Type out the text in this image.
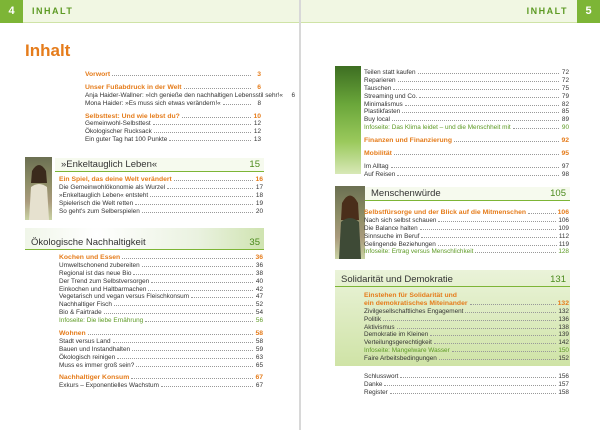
4	INHALT
Inhalt
Vorwort	3
Unser Fußabdruck in der Welt	6
Anja Haider-Wallner: »Ich genieße den nachhaltigen Lebensstil sehr!«	6
Mona Haider: »Es muss sich etwas verändern!«	8
Selbsttest: Und wie lebst du?	10
Gemeinwohl-Selbsttest	12
Ökologischer Rucksack	12
Ein guter Tag hat 100 Punkte	13
»Enkeltauglich Leben«	15
Ein Spiel, das deine Welt verändert	16
Die Gemeinwohlökonomie als Wurzel	17
»Enkeltauglich Leben« entsteht	18
Spielerisch die Welt retten	19
So geht's zum Selberspielen	20
Ökologische Nachhaltigkeit	35
Kochen und Essen	36
Umweltschonend zubereiten	36
Regional ist das neue Bio	38
Der Trend zum Selbstversorgen	40
Einkochen und Haltbarmachen	42
Vegetarisch und vegan versus Fleischkonsum	47
Nachhaltiger Fisch	52
Bio & Fairtrade	54
Infoseite: Die liebe Ernährung	56
Wohnen	58
Stadt versus Land	58
Bauen und Instandhalten	59
Ökologisch reinigen	63
Muss es immer groß sein?	65
Nachhaltiger Konsum	67
Exkurs – Exponentielles Wachstum	67
5
INHALT
Teilen statt kaufen	72
Reparieren	72
Tauschen	75
Streaming und Co.	79
Minimalismus	82
Plastikfasten	85
Buy local	89
Infoseite: Das Klima leidet – und die Menschheit mit	90
Finanzen und Finanzierung	92
Mobilität	95
Im Alltag	97
Auf Reisen	98
Menschenwürde	105
Selbstfürsorge und der Blick auf die Mitmenschen	106
Nach sich selbst schauen	106
Die Balance halten	109
Sinnsuche im Beruf	112
Gelingende Beziehungen	119
Infoseite: Ertrag versus Menschlichkeit	128
Solidarität und Demokratie	131
Einstehen für Solidarität und
ein demokratisches Miteinander	132
Zivilgesellschaftliches Engagement	132
Politik	136
Aktivismus	138
Demokratie im Kleinen	139
Verteilungsgerechtigkeit	142
Infoseite: Mangelware Wasser	150
Faire Arbeitsbedingungen	152
Schlusswort	156
Danke	157
Register	158
